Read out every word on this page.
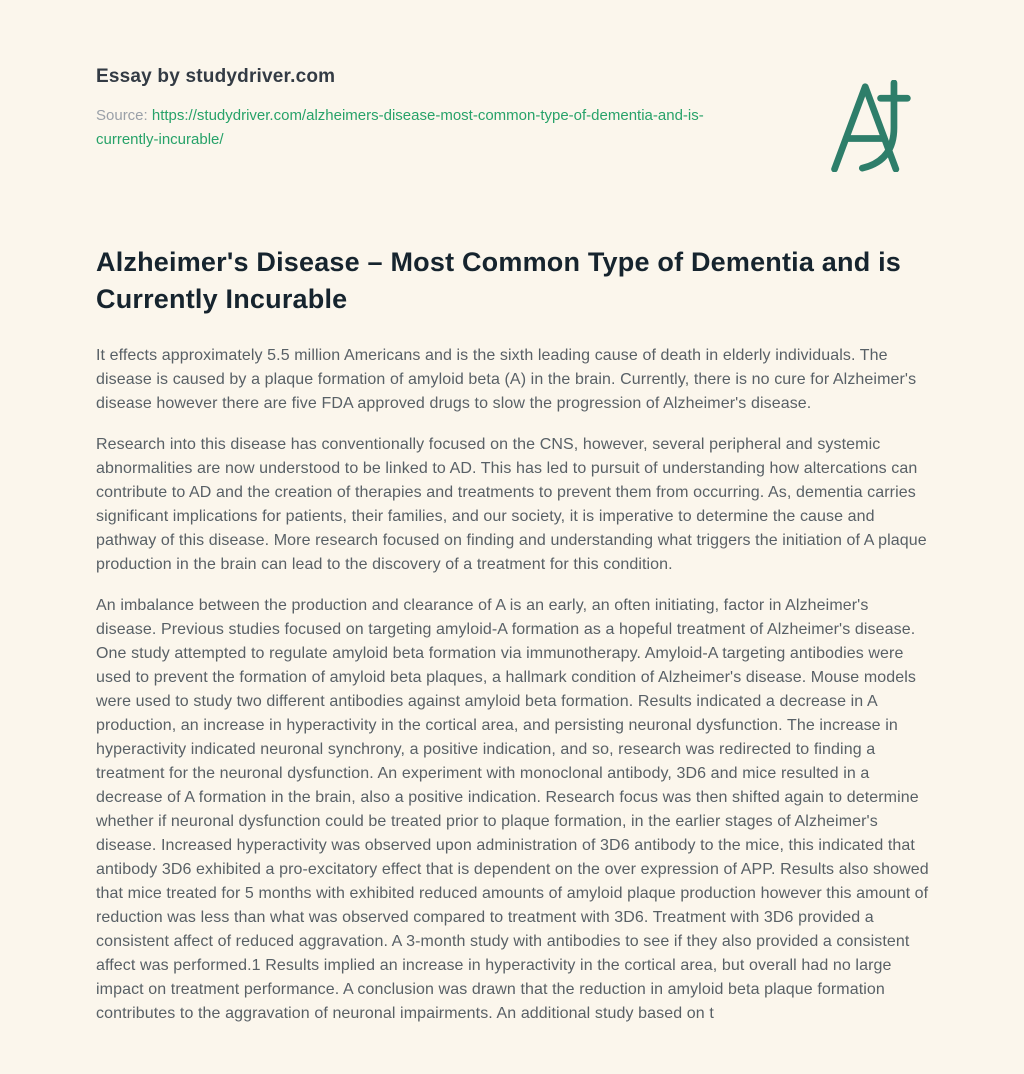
Essay by studydriver.com
Source: https://studydriver.com/alzheimers-disease-most-common-type-of-dementia-and-is-currently-incurable/
Alzheimer's Disease – Most Common Type of Dementia and is Currently Incurable

It effects approximately 5.5 million Americans and is the sixth leading cause of death in elderly individuals. The disease is caused by a plaque formation of amyloid beta (A) in the brain. Currently, there is no cure for Alzheimer's disease however there are five FDA approved drugs to slow the progression of Alzheimer's disease.

Research into this disease has conventionally focused on the CNS, however, several peripheral and systemic abnormalities are now understood to be linked to AD. This has led to pursuit of understanding how altercations can contribute to AD and the creation of therapies and treatments to prevent them from occurring. As, dementia carries significant implications for patients, their families, and our society, it is imperative to determine the cause and pathway of this disease. More research focused on finding and understanding what triggers the initiation of A plaque production in the brain can lead to the discovery of a treatment for this condition.

An imbalance between the production and clearance of A is an early, an often initiating, factor in Alzheimer's disease. Previous studies focused on targeting amyloid-A formation as a hopeful treatment of Alzheimer's disease. One study attempted to regulate amyloid beta formation via immunotherapy. Amyloid-A targeting antibodies were used to prevent the formation of amyloid beta plaques, a hallmark condition of Alzheimer's disease. Mouse models were used to study two different antibodies against amyloid beta formation. Results indicated a decrease in A production, an increase in hyperactivity in the cortical area, and persisting neuronal dysfunction. The increase in hyperactivity indicated neuronal synchrony, a positive indication, and so, research was redirected to finding a treatment for the neuronal dysfunction. An experiment with monoclonal antibody, 3D6 and mice resulted in a decrease of A formation in the brain, also a positive indication. Research focus was then shifted again to determine whether if neuronal dysfunction could be treated prior to plaque formation, in the earlier stages of Alzheimer's disease. Increased hyperactivity was observed upon administration of 3D6 antibody to the mice, this indicated that antibody 3D6 exhibited a pro-excitatory effect that is dependent on the over expression of APP. Results also showed that mice treated for 5 months with exhibited reduced amounts of amyloid plaque production however this amount of reduction was less than what was observed compared to treatment with 3D6. Treatment with 3D6 provided a consistent affect of reduced aggravation. A 3-month study with antibodies to see if they also provided a consistent affect was performed.1 Results implied an increase in hyperactivity in the cortical area, but overall had no large impact on treatment performance. A conclusion was drawn that the reduction in amyloid beta plaque formation contributes to the aggravation of neuronal impairments. An additional study based on t
